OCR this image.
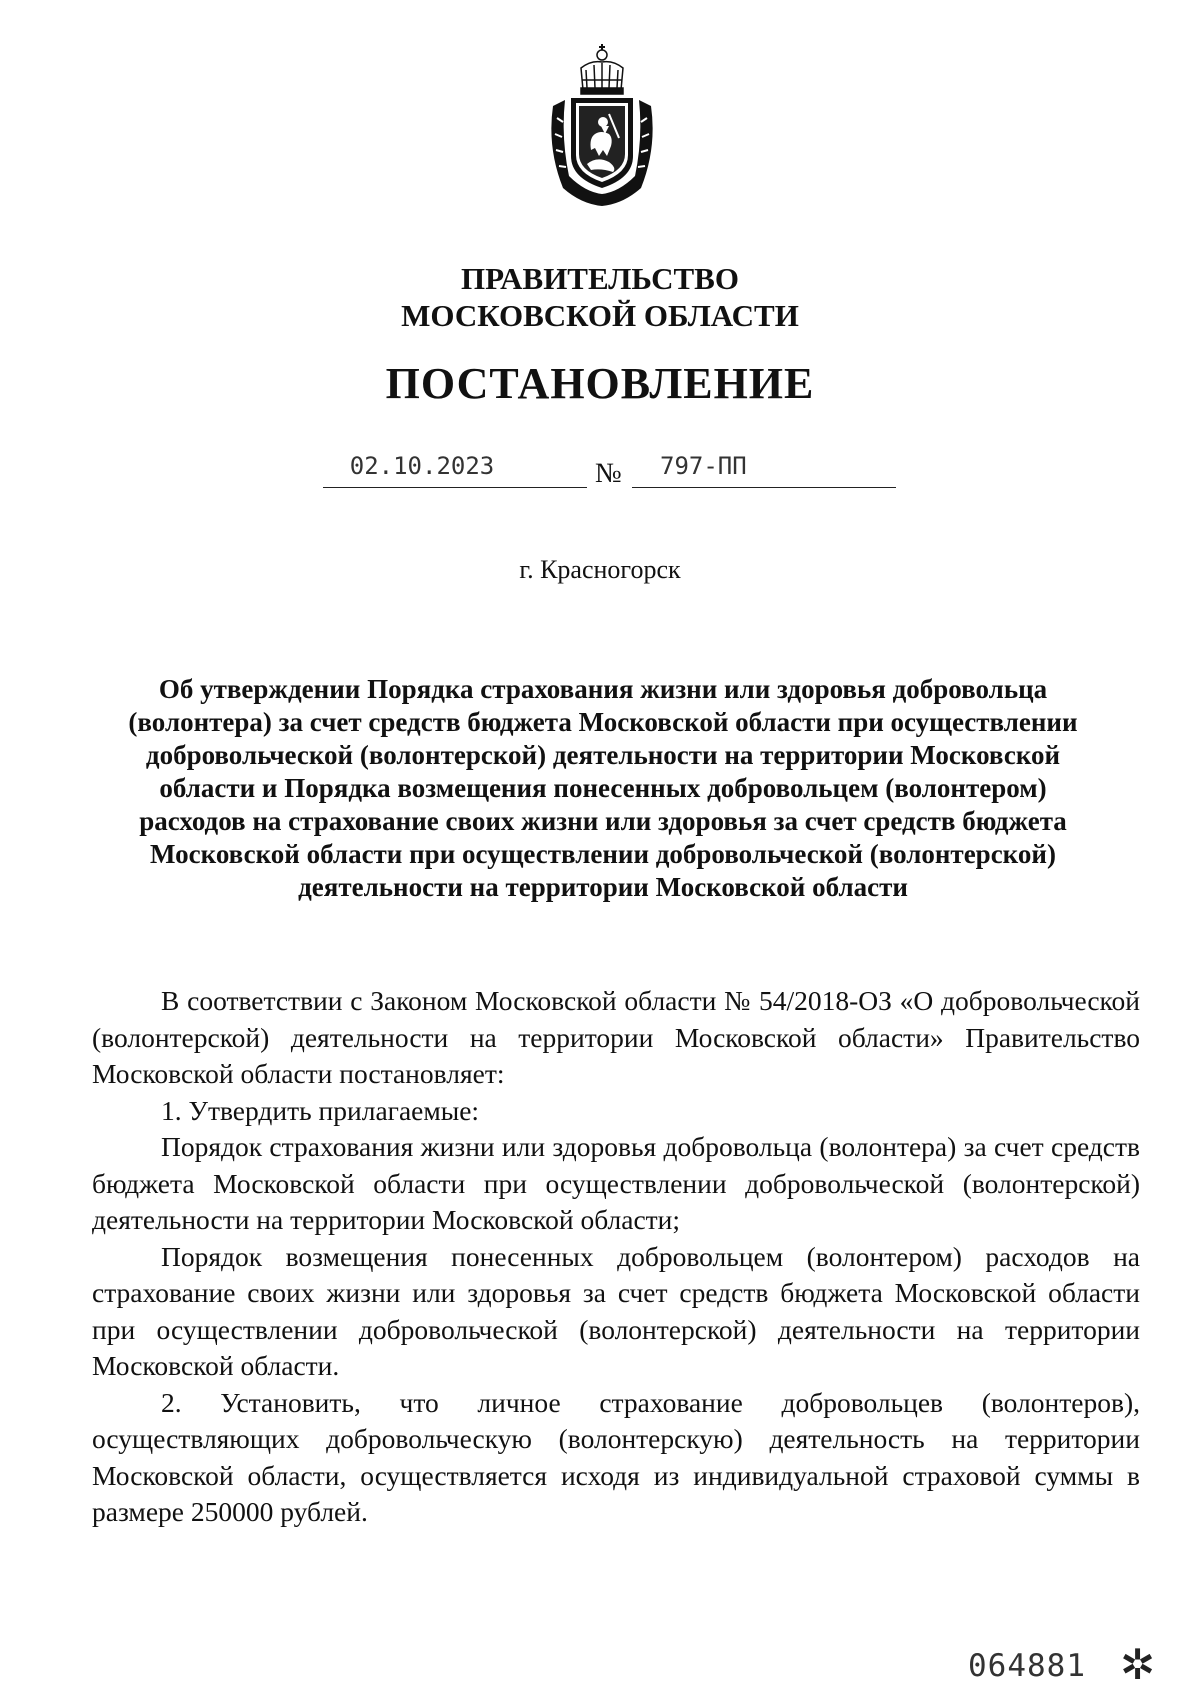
ПРАВИТЕЛЬСТВО
МОСКОВСКОЙ ОБЛАСТИ
ПОСТАНОВЛЕНИЕ
02.10.2023	№ 797-ПП
г. Красногорск
Об утверждении Порядка страхования жизни или здоровья добровольца
(волонтера) за счет средств бюджета Московской области при осуществлении
добровольческой (волонтерской) деятельности на территории Московской
области и Порядка возмещения понесенных добровольцем (волонтером)
расходов на страхование своих жизни или здоровья за счет средств бюджета
Московской области при осуществлении добровольческой (волонтерской)
деятельности на территории Московской области

В соответствии с Законом Московской области № 54/2018-ОЗ «О добровольческой (волонтерской) деятельности на территории Московской области» Правительство Московской области постановляет:

1. Утвердить прилагаемые:

Порядок страхования жизни или здоровья добровольца (волонтера) за счет средств бюджета Московской области при осуществлении добровольческой (волонтерской) деятельности на территории Московской области;

Порядок возмещения понесенных добровольцем (волонтером) расходов на страхование своих жизни или здоровья за счет средств бюджета Московской области при осуществлении добровольческой (волонтерской) деятельности на территории Московской области.

2. Установить, что личное страхование добровольцев (волонтеров), осуществляющих добровольческую (волонтерскую) деятельность на территории Московской области, осуществляется исходя из индивидуальной страховой суммы в размере 250000 рублей.

064881 ✲
